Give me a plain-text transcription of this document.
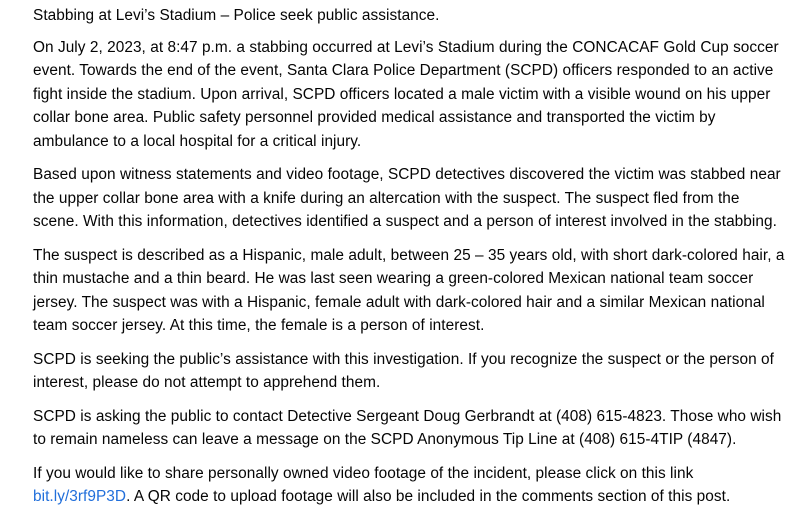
Stabbing at Levi’s Stadium – Police seek public assistance.

On July 2, 2023, at 8:47 p.m. a stabbing occurred at Levi’s Stadium during the CONCACAF Gold Cup soccer event. Towards the end of the event, Santa Clara Police Department (SCPD) officers responded to an active fight inside the stadium. Upon arrival, SCPD officers located a male victim with a visible wound on his upper collar bone area. Public safety personnel provided medical assistance and transported the victim by ambulance to a local hospital for a critical injury.

Based upon witness statements and video footage, SCPD detectives discovered the victim was stabbed near the upper collar bone area with a knife during an altercation with the suspect. The suspect fled from the scene. With this information, detectives identified a suspect and a person of interest involved in the stabbing.

The suspect is described as a Hispanic, male adult, between 25 – 35 years old, with short dark-colored hair, a thin mustache and a thin beard. He was last seen wearing a green-colored Mexican national team soccer jersey. The suspect was with a Hispanic, female adult with dark-colored hair and a similar Mexican national team soccer jersey. At this time, the female is a person of interest.

SCPD is seeking the public’s assistance with this investigation. If you recognize the suspect or the person of interest, please do not attempt to apprehend them.

SCPD is asking the public to contact Detective Sergeant Doug Gerbrandt at (408) 615-4823. Those who wish to remain nameless can leave a message on the SCPD Anonymous Tip Line at (408) 615-4TIP (4847).

If you would like to share personally owned video footage of the incident, please click on this link bit.ly/3rf9P3D. A QR code to upload footage will also be included in the comments section of this post.
